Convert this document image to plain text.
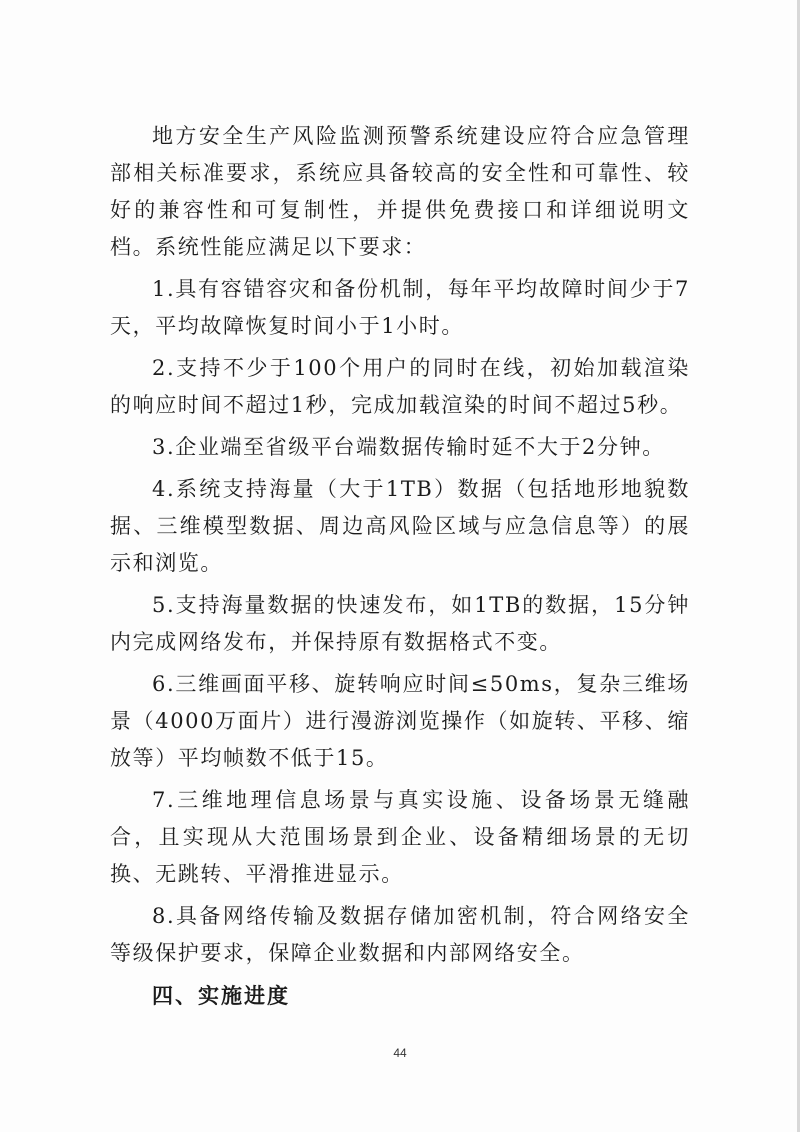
地方安全生产风险监测预警系统建设应符合应急管理部相关标准要求，系统应具备较高的安全性和可靠性、较好的兼容性和可复制性，并提供免费接口和详细说明文档。系统性能应满足以下要求：

1.具有容错容灾和备份机制，每年平均故障时间少于7天，平均故障恢复时间小于1小时。

2.支持不少于100个用户的同时在线，初始加载渲染的响应时间不超过1秒，完成加载渲染的时间不超过5秒。

3.企业端至省级平台端数据传输时延不大于2分钟。

4.系统支持海量（大于1TB）数据（包括地形地貌数据、三维模型数据、周边高风险区域与应急信息等）的展示和浏览。

5.支持海量数据的快速发布，如1TB的数据，15分钟内完成网络发布，并保持原有数据格式不变。

6.三维画面平移、旋转响应时间≤50ms，复杂三维场景（4000万面片）进行漫游浏览操作（如旋转、平移、缩放等）平均帧数不低于15。

7.三维地理信息场景与真实设施、设备场景无缝融合，且实现从大范围场景到企业、设备精细场景的无切换、无跳转、平滑推进显示。

8.具备网络传输及数据存储加密机制，符合网络安全等级保护要求，保障企业数据和内部网络安全。

四、实施进度

44
